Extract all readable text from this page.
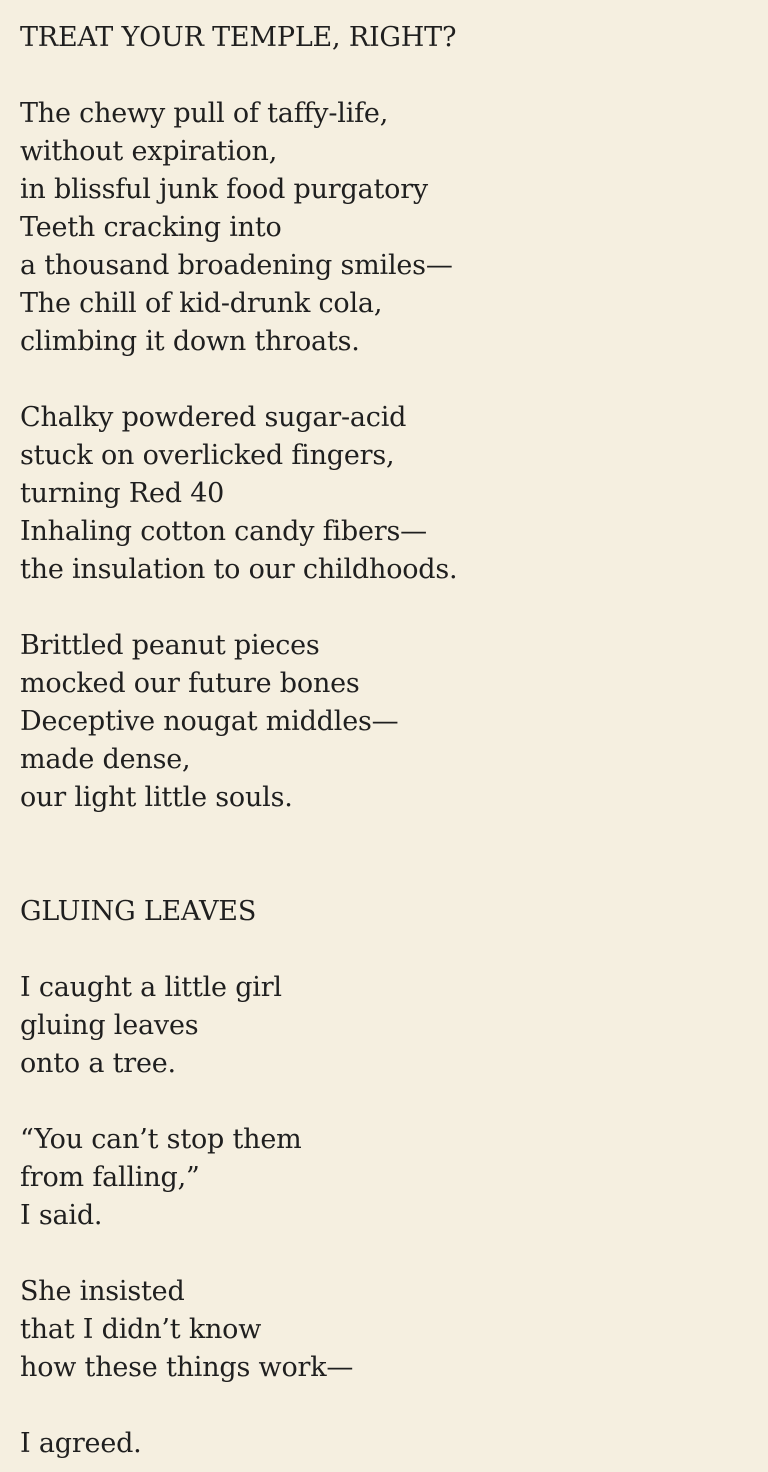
TREAT YOUR TEMPLE, RIGHT?
The chewy pull of taffy-life,
without expiration,
in blissful junk food purgatory
Teeth cracking into
a thousand broadening smiles—
The chill of kid-drunk cola,
climbing it down throats.
Chalky powdered sugar-acid
stuck on overlicked fingers,
turning Red 40
Inhaling cotton candy fibers—
the insulation to our childhoods.
Brittled peanut pieces
mocked our future bones
Deceptive nougat middles—
made dense,
our light little souls.
GLUING LEAVES
I caught a little girl
gluing leaves
onto a tree.
“You can’t stop them
from falling,”
I said.
She insisted
that I didn’t know
how these things work—
I agreed.
